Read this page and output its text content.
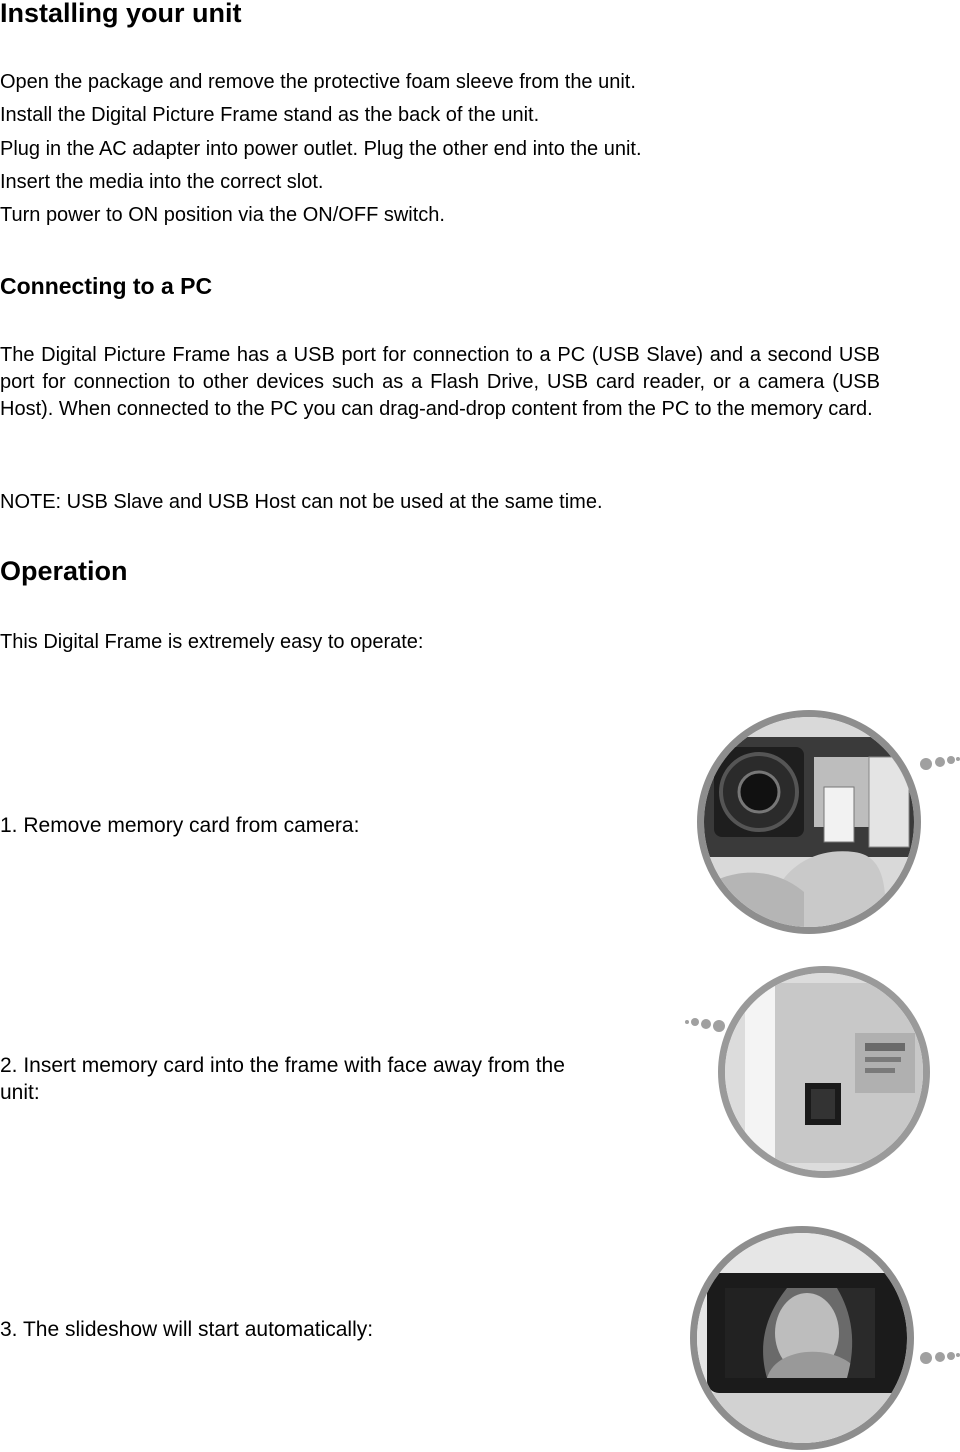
Installing your unit

Open the package and remove the protective foam sleeve from the unit.

Install the Digital Picture Frame stand as the back of the unit.

Plug in the AC adapter into power outlet. Plug the other end into the unit.

Insert the media into the correct slot.

Turn power to ON position via the ON/OFF switch.

Connecting to a PC

The Digital Picture Frame has a USB port for connection to a PC (USB Slave) and a second USB port for connection to other devices such as a Flash Drive, USB card reader, or a camera (USB Host). When connected to the PC you can drag-and-drop content from the PC to the memory card.

NOTE: USB Slave and USB Host can not be used at the same time.

Operation

This Digital Frame is extremely easy to operate:

1. Remove memory card from camera:

2. Insert memory card into the frame with face away from the unit:

3. The slideshow will start automatically:
